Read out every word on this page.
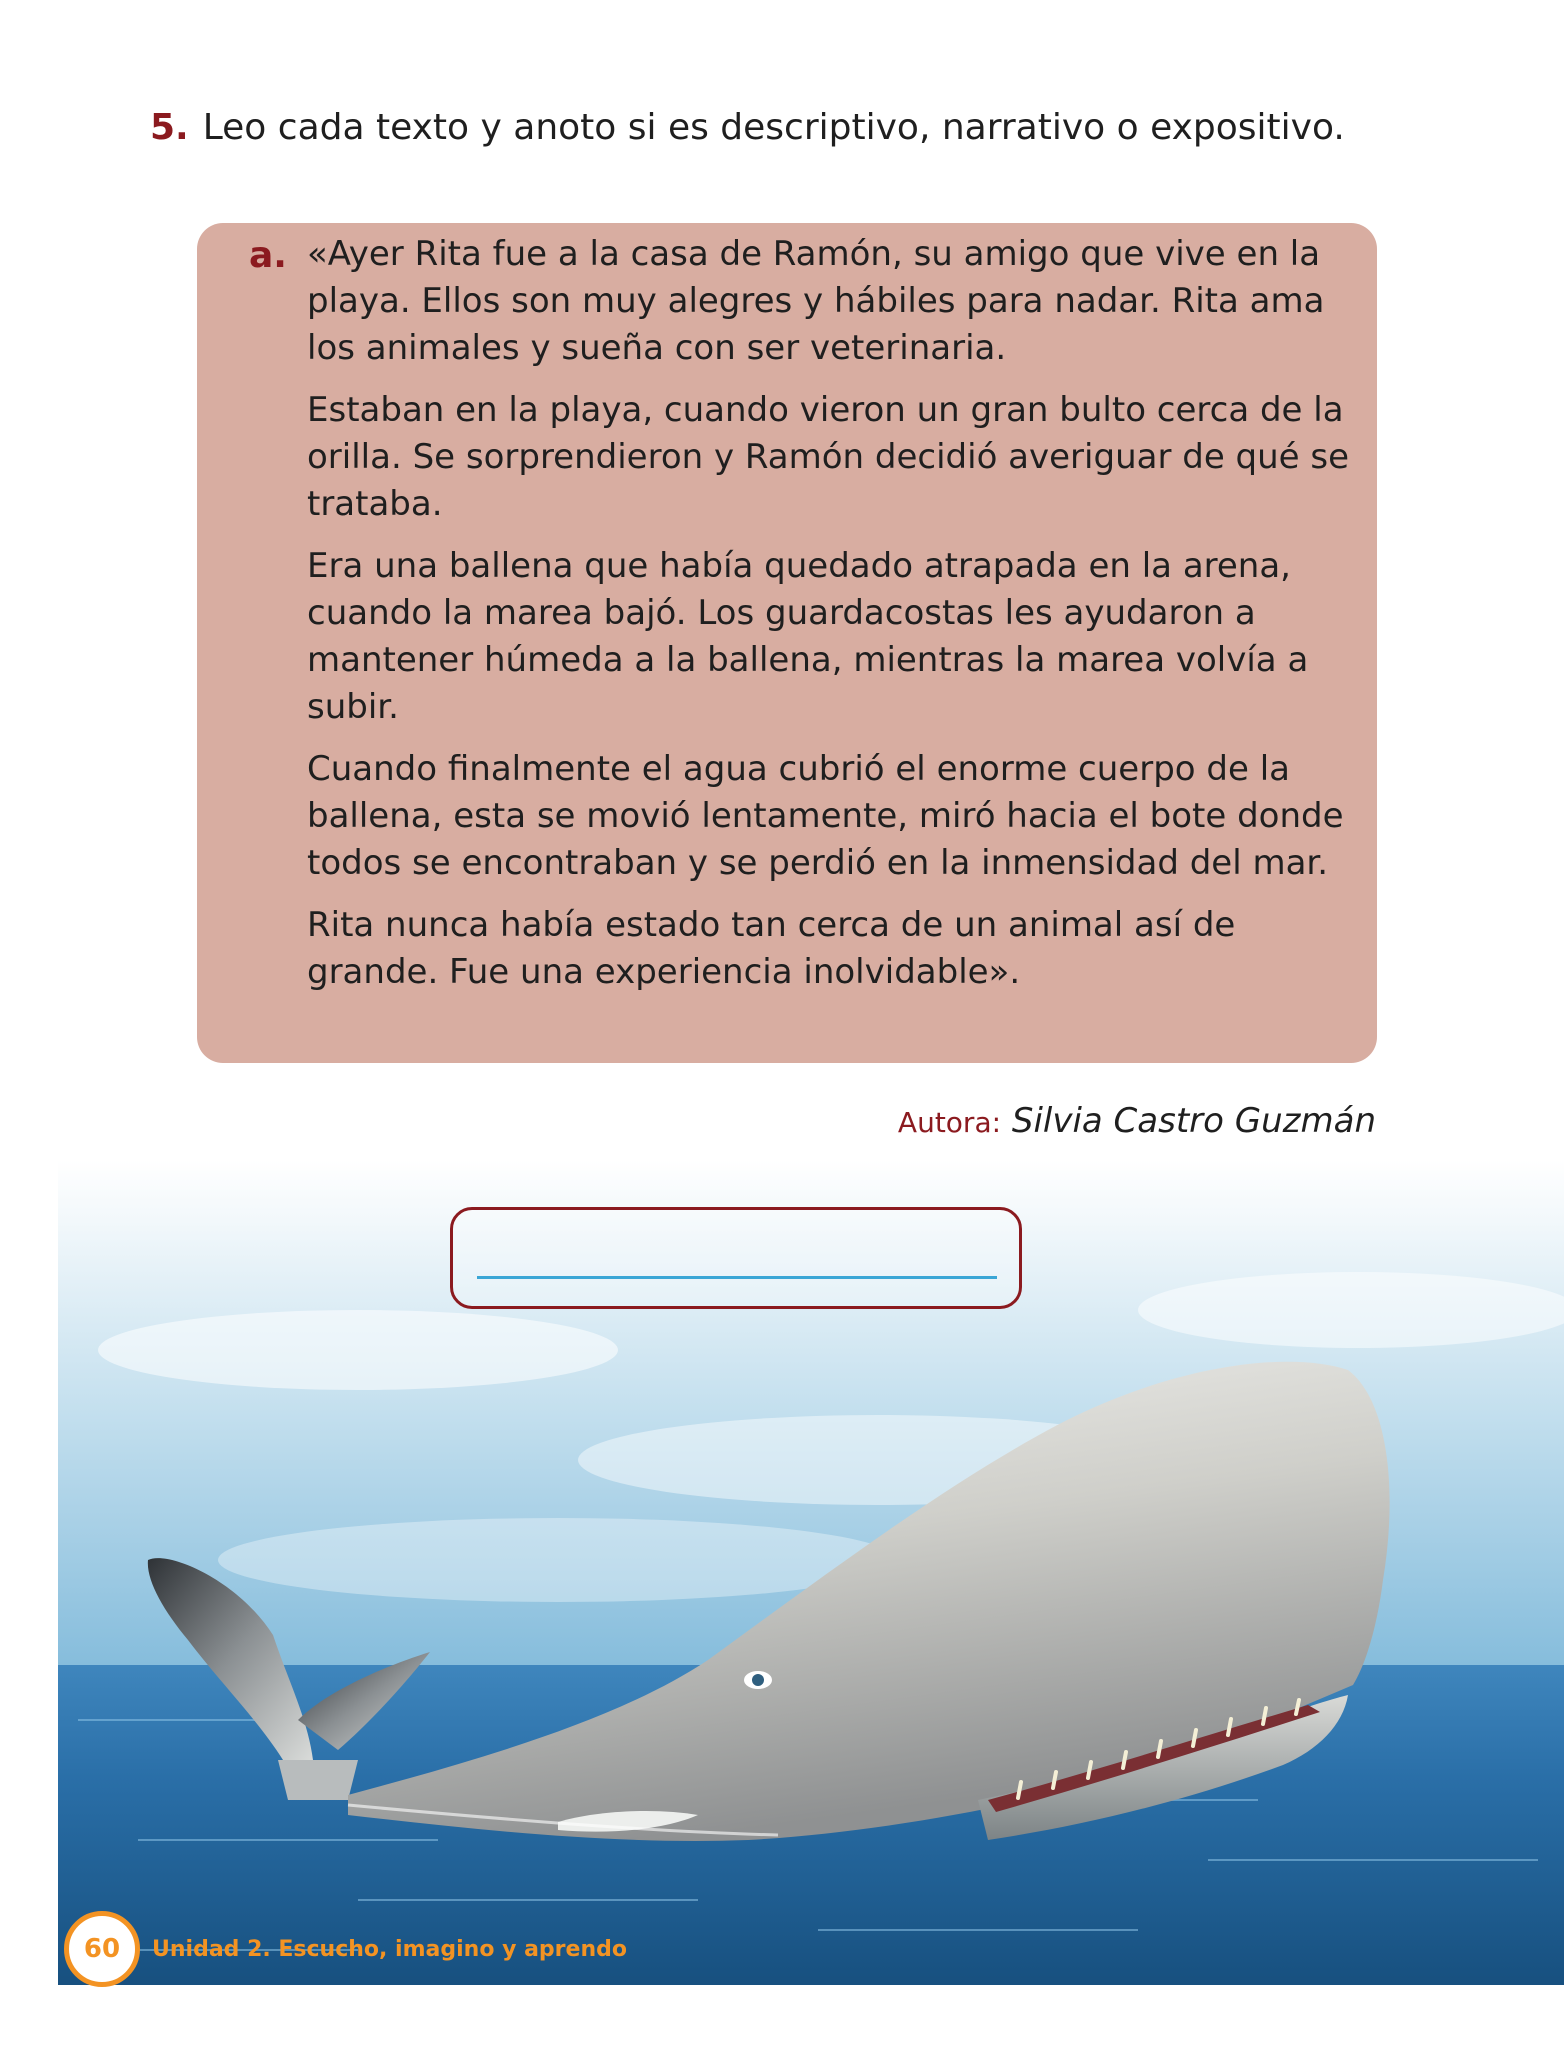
5. Leo cada texto y anoto si es descriptivo, narrativo o expositivo.
a. «Ayer Rita fue a la casa de Ramón, su amigo que vive en la playa. Ellos son muy alegres y hábiles para nadar. Rita ama los animales y sueña con ser veterinaria.

Estaban en la playa, cuando vieron un gran bulto cerca de la orilla. Se sorprendieron y Ramón decidió averiguar de qué se trataba.

Era una ballena que había quedado atrapada en la arena, cuando la marea bajó. Los guardacostas les ayudaron a mantener húmeda a la ballena, mientras la marea volvía a subir.

Cuando finalmente el agua cubrió el enorme cuerpo de la ballena, esta se movió lentamente, miró hacia el bote donde todos se encontraban y se perdió en la inmensidad del mar.

Rita nunca había estado tan cerca de un animal así de grande. Fue una experiencia inolvidable».

Autora: Silvia Castro Guzmán
60	Unidad 2. Escucho, imagino y aprendo
